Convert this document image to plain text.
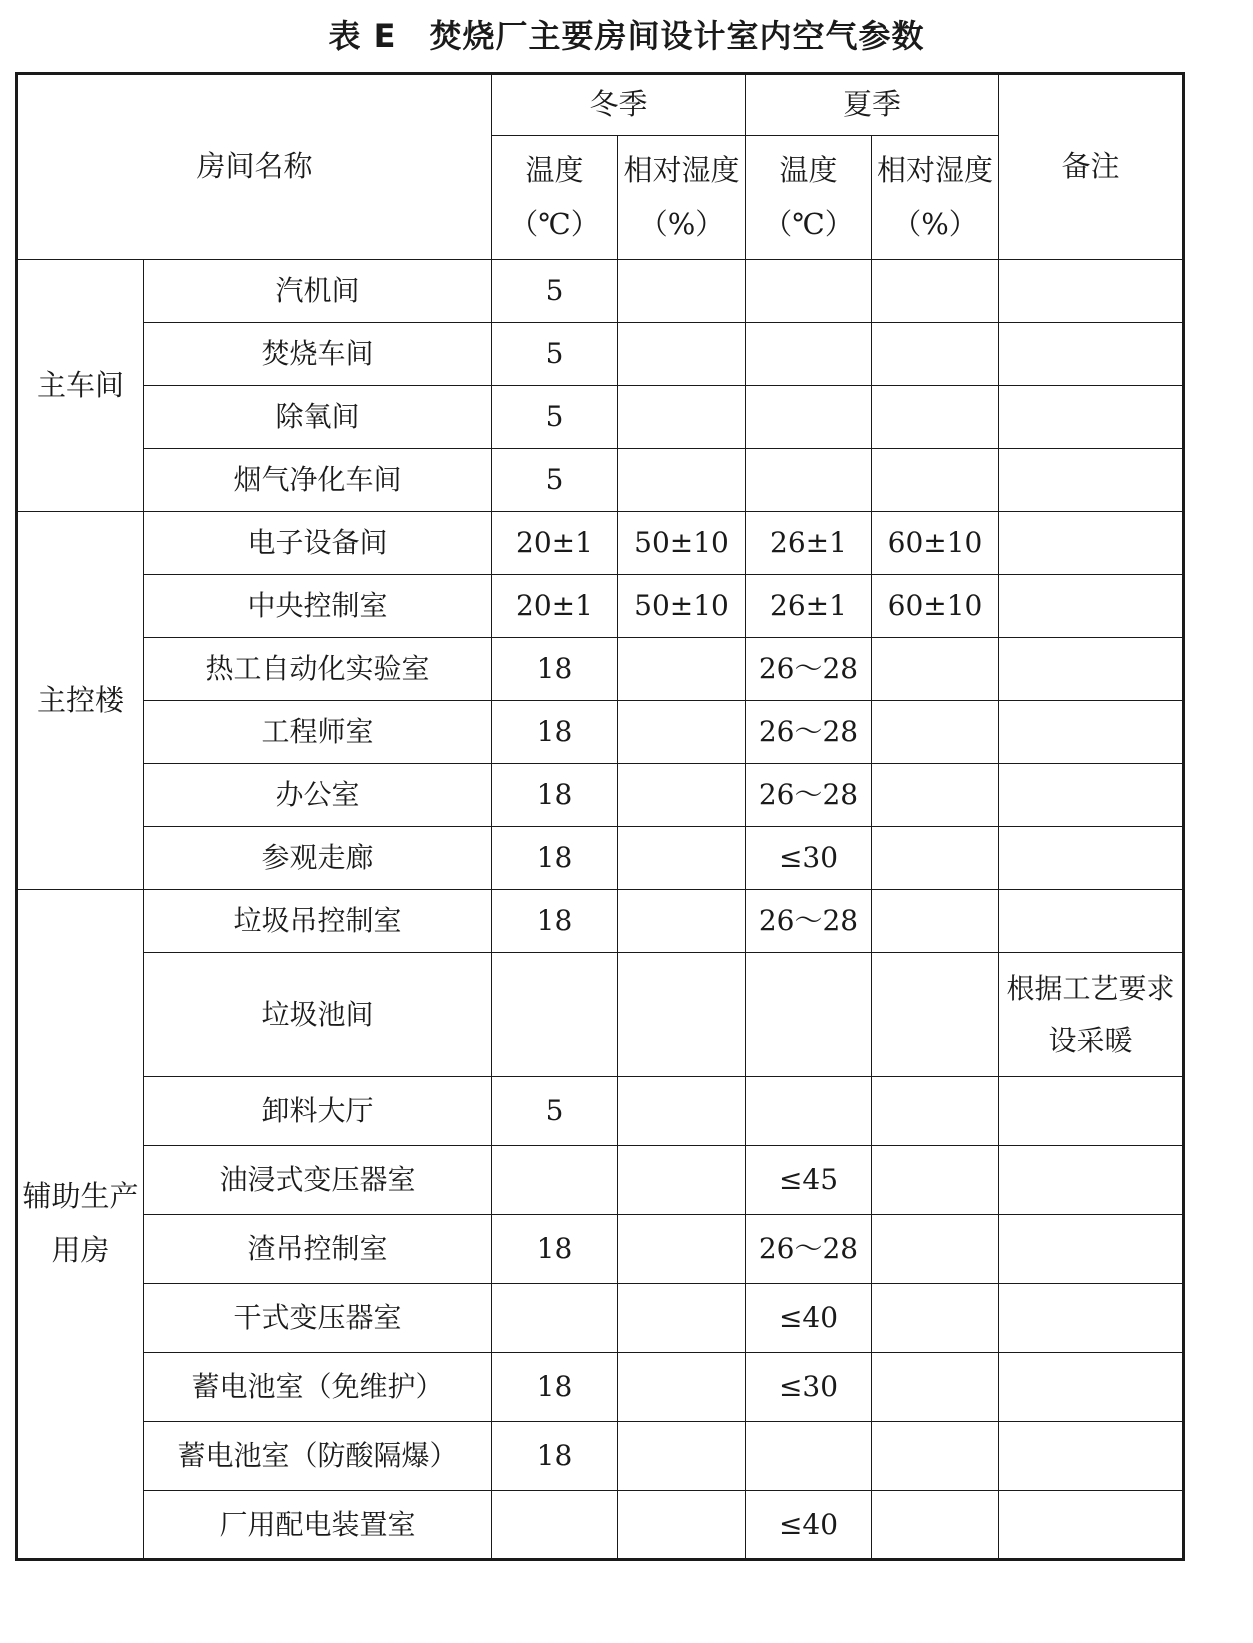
表 E　焚烧厂主要房间设计室内空气参数
房间名称		冬季		夏季		备注
		温度（℃）	相对湿度（%）	温度（℃）	相对湿度（%）	
主车间	汽机间	5				
	焚烧车间	5				
	除氧间	5				
	烟气净化车间	5				
主控楼	电子设备间	20±1	50±10	26±1	60±10	
	中央控制室	20±1	50±10	26±1	60±10	
	热工自动化实验室	18		26～28		
	工程师室	18		26～28		
	办公室	18		26～28		
	参观走廊	18		≤30		
辅助生产用房	垃圾吊控制室	18		26～28		
	垃圾池间					根据工艺要求设采暖
	卸料大厅	5				
	油浸式变压器室			≤45		
	渣吊控制室	18		26～28		
	干式变压器室			≤40		
	蓄电池室（免维护）	18		≤30		
	蓄电池室（防酸隔爆）	18				
	厂用配电装置室			≤40		
